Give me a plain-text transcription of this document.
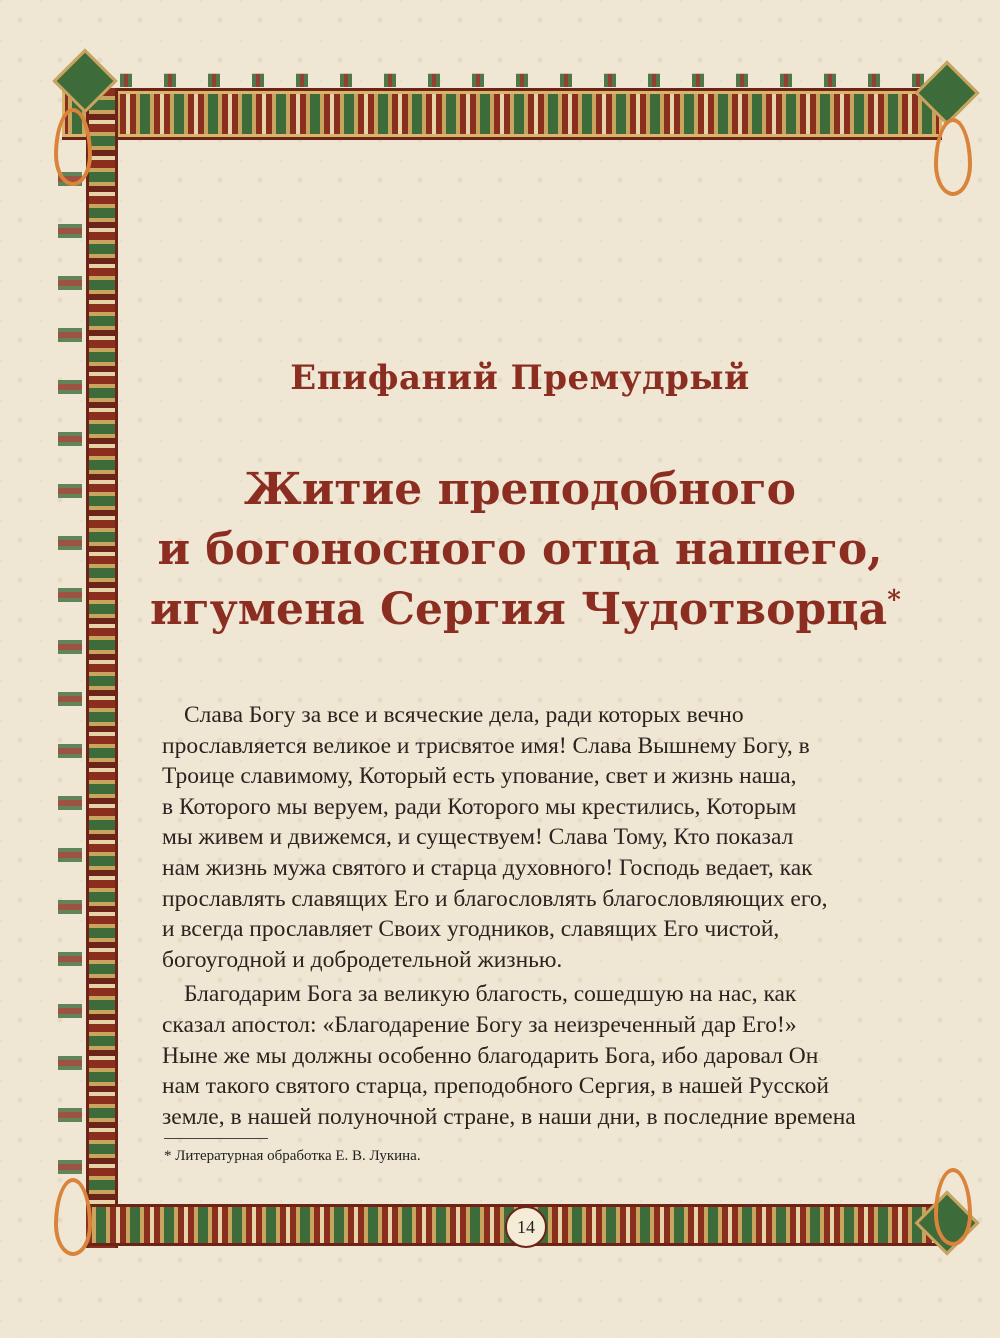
Епифаний Премудрый
Житие преподобного
и богоносного отца нашего,
игумена Сергия Чудотворца*

Слава Богу за все и всяческие дела, ради которых вечно
прославляется великое и трисвятое имя! Слава Вышнему Богу, в
Троице славимому, Который есть упование, свет и жизнь наша,
в Которого мы веруем, ради Которого мы крестились, Которым
мы живем и движемся, и существуем! Слава Тому, Кто показал
нам жизнь мужа святого и старца духовного! Господь ведает, как
прославлять славящих Его и благословлять благословляющих его,
и всегда прославляет Своих угодников, славящих Его чистой,
богоугодной и добродетельной жизнью.

Благодарим Бога за великую благость, сошедшую на нас, как
сказал апостол: «Благодарение Богу за неизреченный дар Его!»
Ныне же мы должны особенно благодарить Бога, ибо даровал Он
нам такого святого старца, преподобного Сергия, в нашей Русской
земле, в нашей полуночной стране, в наши дни, в последние времена

* Литературная обработка Е. В. Лукина.
14
